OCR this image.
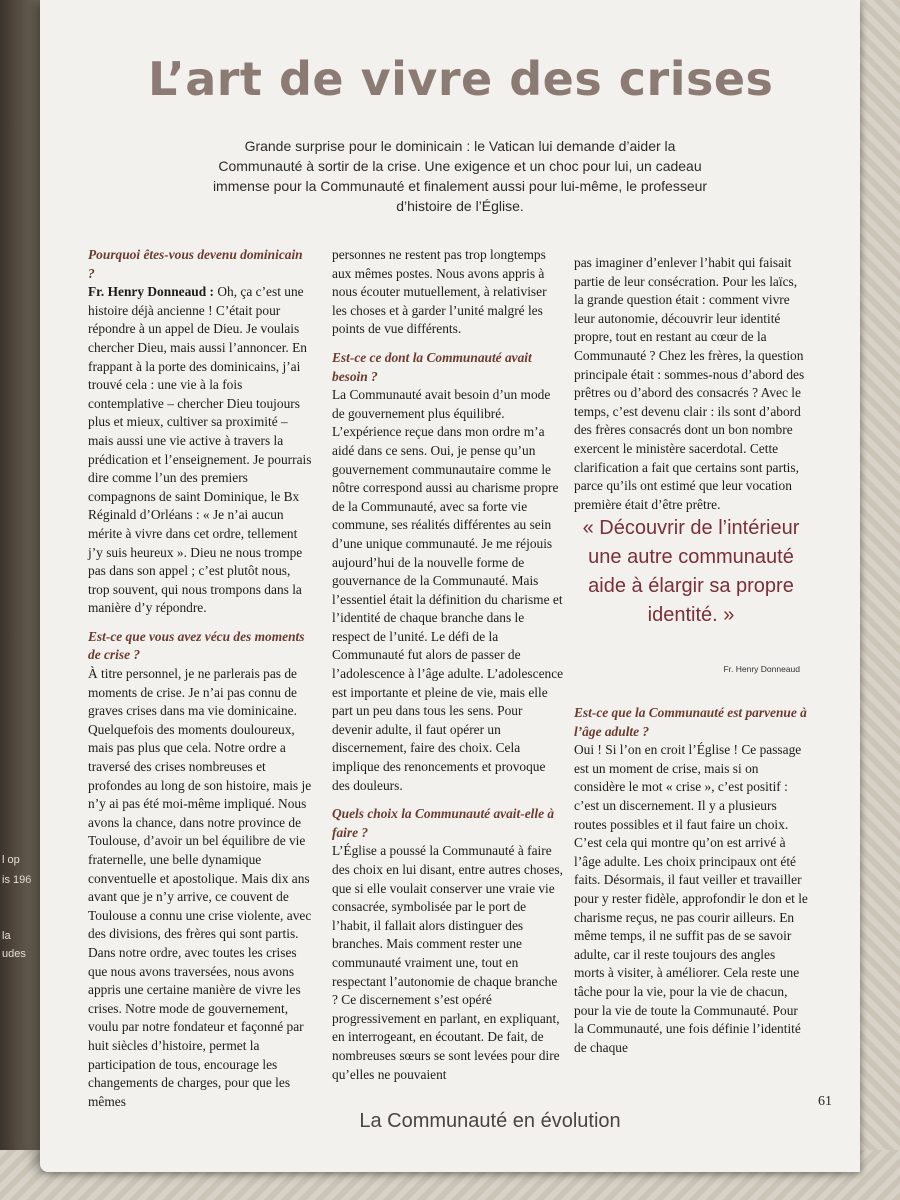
l op
is 196
la
udes
L’art de vivre des crises

Grande surprise pour le dominicain : le Vatican lui demande d’aider la Communauté à sortir de la crise. Une exigence et un choc pour lui, un cadeau immense pour la Communauté et finalement aussi pour lui-même, le professeur d’histoire de l’Église.

Pourquoi êtes-vous devenu dominicain ?

Fr. Henry Donneaud : Oh, ça c’est une histoire déjà ancienne ! C’était pour répondre à un appel de Dieu. Je voulais chercher Dieu, mais aussi l’annoncer. En frappant à la porte des dominicains, j’ai trouvé cela : une vie à la fois contemplative – chercher Dieu toujours plus et mieux, cultiver sa proximité – mais aussi une vie active à travers la prédication et l’enseignement. Je pourrais dire comme l’un des premiers compagnons de saint Dominique, le Bx Réginald d’Orléans : « Je n’ai aucun mérite à vivre dans cet ordre, tellement j’y suis heureux ». Dieu ne nous trompe pas dans son appel ; c’est plutôt nous, trop souvent, qui nous trompons dans la manière d’y répondre.

Est-ce que vous avez vécu des moments de crise ?

À titre personnel, je ne parlerais pas de moments de crise. Je n’ai pas connu de graves crises dans ma vie dominicaine. Quelquefois des moments douloureux, mais pas plus que cela. Notre ordre a traversé des crises nombreuses et profondes au long de son histoire, mais je n’y ai pas été moi-même impliqué. Nous avons la chance, dans notre province de Toulouse, d’avoir un bel équilibre de vie fraternelle, une belle dynamique conventuelle et apostolique. Mais dix ans avant que je n’y arrive, ce couvent de Toulouse a connu une crise violente, avec des divisions, des frères qui sont partis.

Dans notre ordre, avec toutes les crises que nous avons traversées, nous avons appris une certaine manière de vivre les crises. Notre mode de gouvernement, voulu par notre fondateur et façonné par huit siècles d’histoire, permet la participation de tous, encourage les changements de charges, pour que les mêmes

personnes ne restent pas trop longtemps aux mêmes postes. Nous avons appris à nous écouter mutuellement, à relativiser les choses et à garder l’unité malgré les points de vue différents.

Est-ce ce dont la Communauté avait besoin ?

La Communauté avait besoin d’un mode de gouvernement plus équilibré. L’expérience reçue dans mon ordre m’a aidé dans ce sens. Oui, je pense qu’un gouvernement communautaire comme le nôtre correspond aussi au charisme propre de la Communauté, avec sa forte vie commune, ses réalités différentes au sein d’une unique communauté. Je me réjouis aujourd’hui de la nouvelle forme de gouvernance de la Communauté. Mais l’essentiel était la définition du charisme et l’identité de chaque branche dans le respect de l’unité. Le défi de la Communauté fut alors de passer de l’adolescence à l’âge adulte. L’adolescence est importante et pleine de vie, mais elle part un peu dans tous les sens. Pour devenir adulte, il faut opérer un discernement, faire des choix. Cela implique des renoncements et provoque des douleurs.

Quels choix la Communauté avait-elle à faire ?

L’Église a poussé la Communauté à faire des choix en lui disant, entre autres choses, que si elle voulait conserver une vraie vie consacrée, symbolisée par le port de l’habit, il fallait alors distinguer des branches. Mais comment rester une communauté vraiment une, tout en respectant l’autonomie de chaque branche ? Ce discernement s’est opéré progressivement en parlant, en expliquant, en interrogeant, en écoutant. De fait, de nombreuses sœurs se sont levées pour dire qu’elles ne pouvaient

pas imaginer d’enlever l’habit qui faisait partie de leur consécration. Pour les laïcs, la grande question était : comment vivre leur autonomie, découvrir leur identité propre, tout en restant au cœur de la Communauté ? Chez les frères, la question principale était : sommes-nous d’abord des prêtres ou d’abord des consacrés ? Avec le temps, c’est devenu clair : ils sont d’abord des frères consacrés dont un bon nombre exercent le ministère sacerdotal. Cette clarification a fait que certains sont partis, parce qu’ils ont estimé que leur vocation première était d’être prêtre.

« Découvrir de l’intérieur une autre communauté aide à élargir sa propre identité. »

Fr. Henry Donneaud

Est-ce que la Communauté est parvenue à l’âge adulte ?

Oui ! Si l’on en croit l’Église ! Ce passage est un moment de crise, mais si on considère le mot « crise », c’est positif : c’est un discernement. Il y a plusieurs routes possibles et il faut faire un choix. C’est cela qui montre qu’on est arrivé à l’âge adulte. Les choix principaux ont été faits. Désormais, il faut veiller et travailler pour y rester fidèle, approfondir le don et le charisme reçus, ne pas courir ailleurs. En même temps, il ne suffit pas de se savoir adulte, car il reste toujours des angles morts à visiter, à améliorer. Cela reste une tâche pour la vie, pour la vie de chacun, pour la vie de toute la Communauté. Pour la Communauté, une fois définie l’identité de chaque

61
La Communauté en évolution
